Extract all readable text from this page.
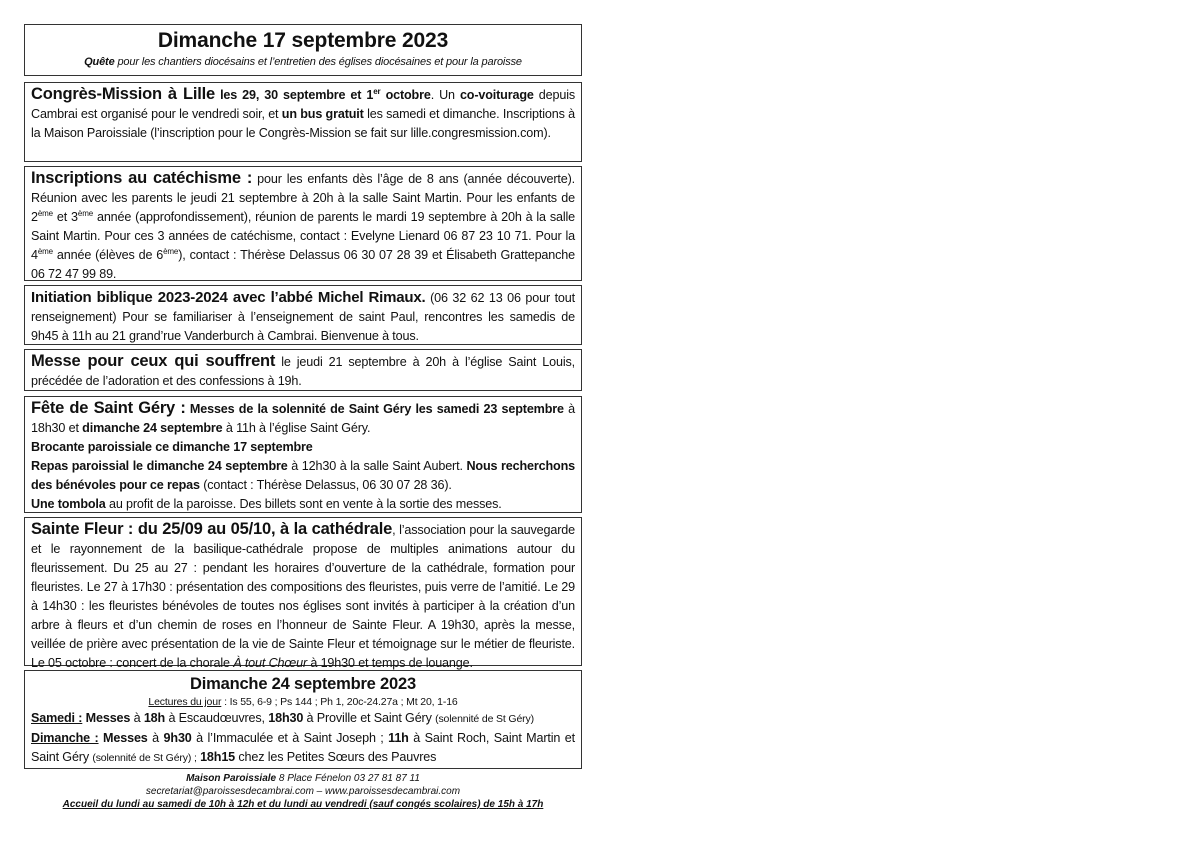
Dimanche 17 septembre 2023
Quête pour les chantiers diocésains et l’entretien des églises diocésaines et pour la paroisse

Congrès-Mission à Lille les 29, 30 septembre et 1er octobre. Un co-voiturage depuis Cambrai est organisé pour le vendredi soir, et un bus gratuit les samedi et dimanche. Inscriptions à la Maison Paroissiale (l’inscription pour le Congrès-Mission se fait sur lille.congresmission.com).

Inscriptions au catéchisme : pour les enfants dès l’âge de 8 ans (année découverte). Réunion avec les parents le jeudi 21 septembre à 20h à la salle Saint Martin. Pour les enfants de 2ème et 3ème année (approfondissement), réunion de parents le mardi 19 septembre à 20h à la salle Saint Martin. Pour ces 3 années de catéchisme, contact : Evelyne Lienard 06 87 23 10 71. Pour la 4ème année (élèves de 6ème), contact : Thérèse Delassus 06 30 07 28 39 et Élisabeth Grattepanche 06 72 47 99 89.

Initiation biblique 2023-2024 avec l’abbé Michel Rimaux. (06 32 62 13 06 pour tout renseignement) Pour se familiariser à l’enseignement de saint Paul, rencontres les samedis de 9h45 à 11h au 21 grand’rue Vanderburch à Cambrai. Bienvenue à tous.

Messe pour ceux qui souffrent le jeudi 21 septembre à 20h à l’église Saint Louis, précédée de l’adoration et des confessions à 19h.

Fête de Saint Géry : Messes de la solennité de Saint Géry les samedi 23 septembre à 18h30 et dimanche 24 septembre à 11h à l’église Saint Géry.

Brocante paroissiale ce dimanche 17 septembre

Repas paroissial le dimanche 24 septembre à 12h30 à la salle Saint Aubert. Nous recherchons des bénévoles pour ce repas (contact : Thérèse Delassus, 06 30 07 28 36).

Une tombola au profit de la paroisse. Des billets sont en vente à la sortie des messes.

Sainte Fleur : du 25/09 au 05/10, à la cathédrale, l’association pour la sauvegarde et le rayonnement de la basilique-cathédrale propose de multiples animations autour du fleurissement. Du 25 au 27 : pendant les horaires d’ouverture de la cathédrale, formation pour fleuristes. Le 27 à 17h30 : présentation des compositions des fleuristes, puis verre de l’amitié. Le 29 à 14h30 : les fleuristes bénévoles de toutes nos églises sont invités à participer à la création d’un arbre à fleurs et d’un chemin de roses en l’honneur de Sainte Fleur. A 19h30, après la messe, veillée de prière avec présentation de la vie de Sainte Fleur et témoignage sur le métier de fleuriste. Le 05 octobre : concert de la chorale À tout Chœur à 19h30 et temps de louange.

Dimanche 24 septembre 2023
Lectures du jour : Is 55, 6-9 ; Ps 144 ; Ph 1, 20c-24.27a ; Mt 20, 1-16

Samedi : Messes à 18h à Escaudœuvres, 18h30 à Proville et Saint Géry (solennité de St Géry)

Dimanche : Messes à 9h30 à l’Immaculée et à Saint Joseph ; 11h à Saint Roch, Saint Martin et Saint Géry (solennité de St Géry) ; 18h15 chez les Petites Sœurs des Pauvres

Maison Paroissiale 8 Place Fénelon 03 27 81 87 11
secretariat@paroissesdecambrai.com – www.paroissesdecambrai.com
Accueil du lundi au samedi de 10h à 12h et du lundi au vendredi (sauf congés scolaires) de 15h à 17h
